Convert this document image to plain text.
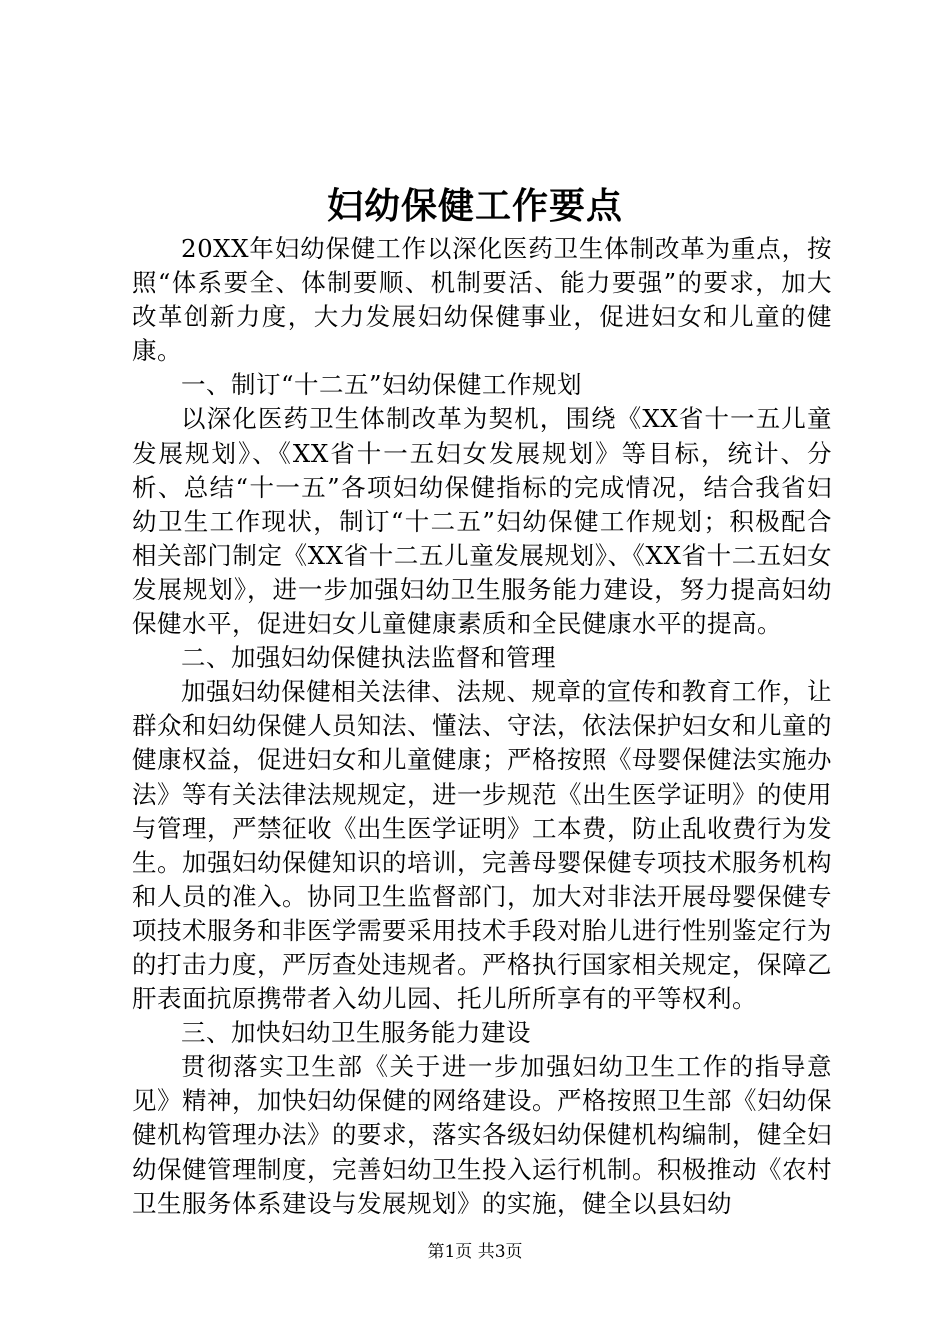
妇幼保健工作要点

20XX年妇幼保健工作以深化医药卫生体制改革为重点，按照“体系要全、体制要顺、机制要活、能力要强”的要求，加大改革创新力度，大力发展妇幼保健事业，促进妇女和儿童的健康。

一、制订“十二五”妇幼保健工作规划

以深化医药卫生体制改革为契机，围绕《XX省十一五儿童发展规划》、《XX省十一五妇女发展规划》等目标，统计、分析、总结“十一五”各项妇幼保健指标的完成情况，结合我省妇幼卫生工作现状，制订“十二五”妇幼保健工作规划；积极配合相关部门制定《XX省十二五儿童发展规划》、《XX省十二五妇女发展规划》，进一步加强妇幼卫生服务能力建设，努力提高妇幼保健水平，促进妇女儿童健康素质和全民健康水平的提高。

二、加强妇幼保健执法监督和管理

加强妇幼保健相关法律、法规、规章的宣传和教育工作，让群众和妇幼保健人员知法、懂法、守法，依法保护妇女和儿童的健康权益，促进妇女和儿童健康；严格按照《母婴保健法实施办法》等有关法律法规规定，进一步规范《出生医学证明》的使用与管理，严禁征收《出生医学证明》工本费，防止乱收费行为发生。加强妇幼保健知识的培训，完善母婴保健专项技术服务机构和人员的准入。协同卫生监督部门，加大对非法开展母婴保健专项技术服务和非医学需要采用技术手段对胎儿进行性别鉴定行为的打击力度，严厉查处违规者。严格执行国家相关规定，保障乙肝表面抗原携带者入幼儿园、托儿所所享有的平等权利。

三、加快妇幼卫生服务能力建设

贯彻落实卫生部《关于进一步加强妇幼卫生工作的指导意见》精神，加快妇幼保健的网络建设。严格按照卫生部《妇幼保健机构管理办法》的要求，落实各级妇幼保健机构编制，健全妇幼保健管理制度，完善妇幼卫生投入运行机制。积极推动《农村卫生服务体系建设与发展规划》的实施，健全以县妇幼

第1页 共3页
